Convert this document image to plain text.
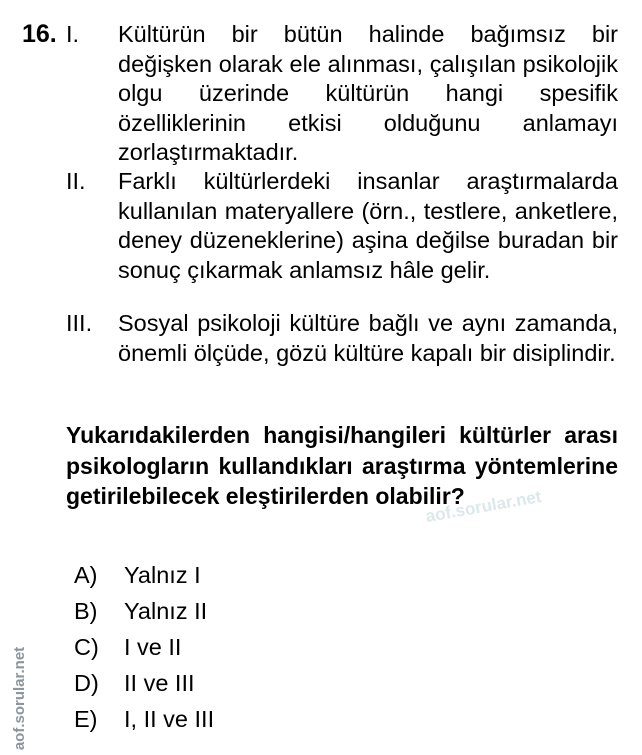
16. I. Kültürün bir bütün halinde bağımsız bir değişken olarak ele alınması, çalışılan psikolojik olgu üzerinde kültürün hangi spesifik özelliklerinin etkisi olduğunu anlamayı zorlaştırmaktadır.
II. Farklı kültürlerdeki insanlar araştırmalarda kullanılan materyallere (örn., testlere, anketlere, deney düzeneklerine) aşina değilse buradan bir sonuç çıkarmak anlamsız hâle gelir.
III. Sosyal psikoloji kültüre bağlı ve aynı zamanda, önemli ölçüde, gözü kültüre kapalı bir disiplindir.
Yukarıdakilerden hangisi/hangileri kültürler arası psikologların kullandıkları araştırma yöntemlerine getirilebilecek eleştirilerden olabilir?
A) Yalnız I
B) Yalnız II
C) I ve II
D) II ve III
E) I, II ve III
aof.sorular.net
aof.sorular.net
